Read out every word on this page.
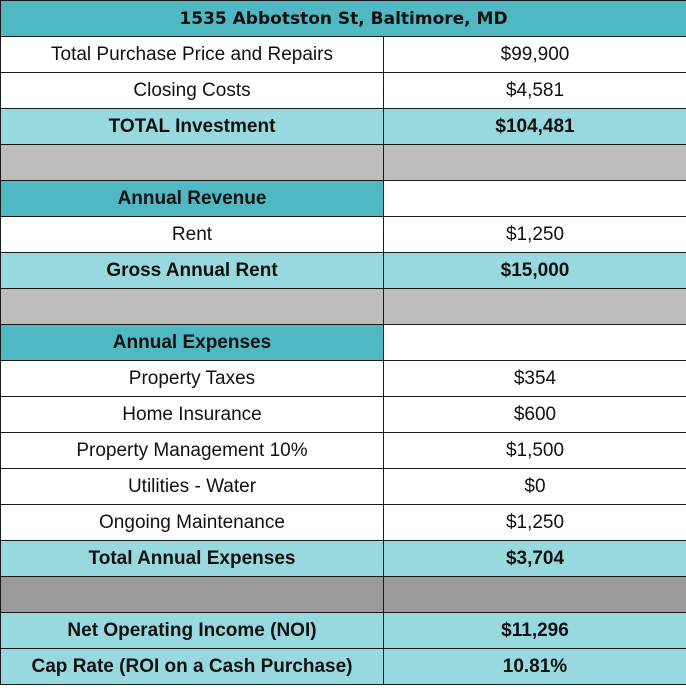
1535 Abbotston St, Baltimore, MD	
Total Purchase Price and Repairs	$99,900
Closing Costs	$4,581
TOTAL Investment	$104,481

Annual Revenue	
Rent	$1,250
Gross Annual Rent	$15,000

Annual Expenses	
Property Taxes	$354
Home Insurance	$600
Property Management 10%	$1,500
Utilities - Water	$0
Ongoing Maintenance	$1,250
Total Annual Expenses	$3,704

Net Operating Income (NOI)	$11,296
Cap Rate (ROI on a Cash Purchase)	10.81%
